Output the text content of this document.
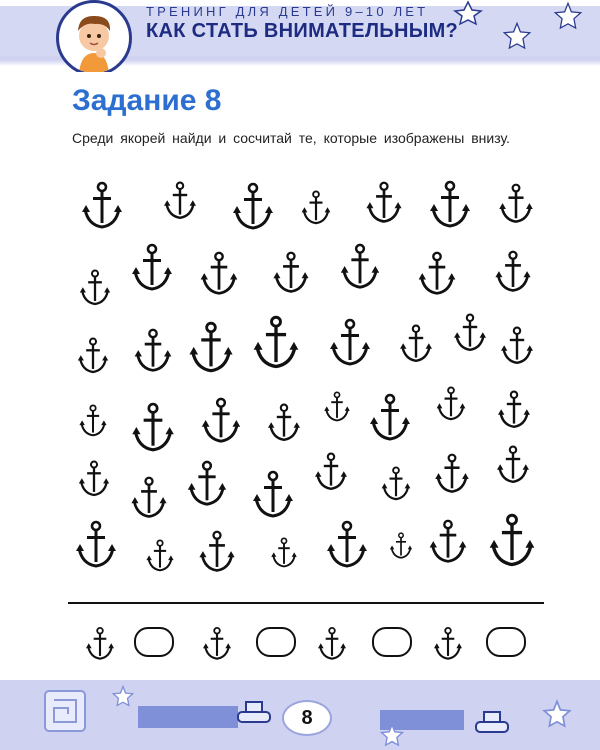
ТРЕНИНГ ДЛЯ ДЕТЕЙ 9–10 ЛЕТ
КАК СТАТЬ ВНИМАТЕЛЬНЫМ?
Задание 8
Среди якорей найди и сосчитай те, которые изображены внизу.
8
